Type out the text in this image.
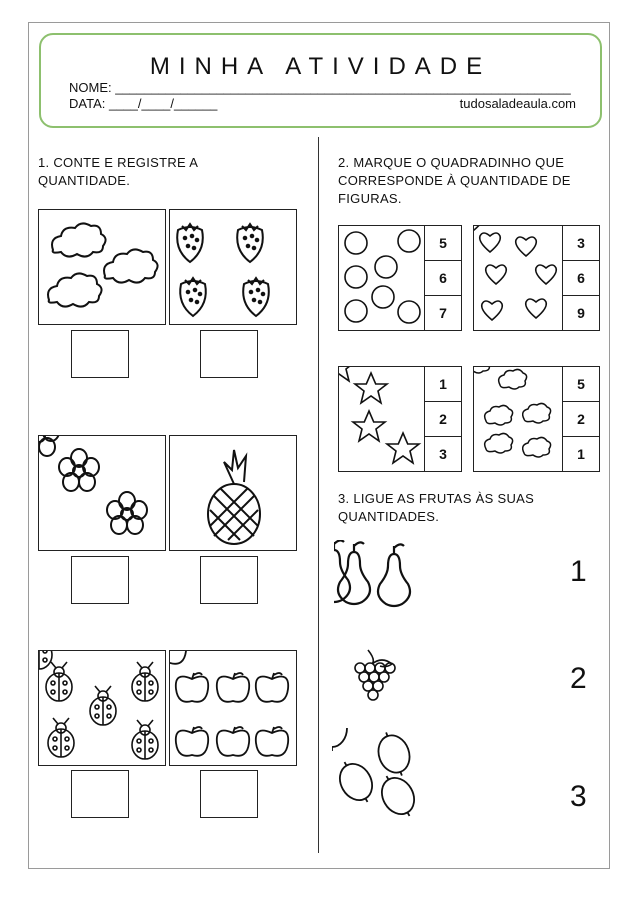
MINHA ATIVIDADE
NOME: _______________________________________________________________
DATA: ____/____/______	tudosaladeaula.com
1. CONTE E REGISTRE A QUANTIDADE.
2. MARQUE O QUADRADINHO QUE CORRESPONDE À QUANTIDADE DE FIGURAS.
5
6
7
3
6
9
1
2
3
5
2
1
3. LIGUE AS FRUTAS ÀS SUAS QUANTIDADES.
1
2
3
